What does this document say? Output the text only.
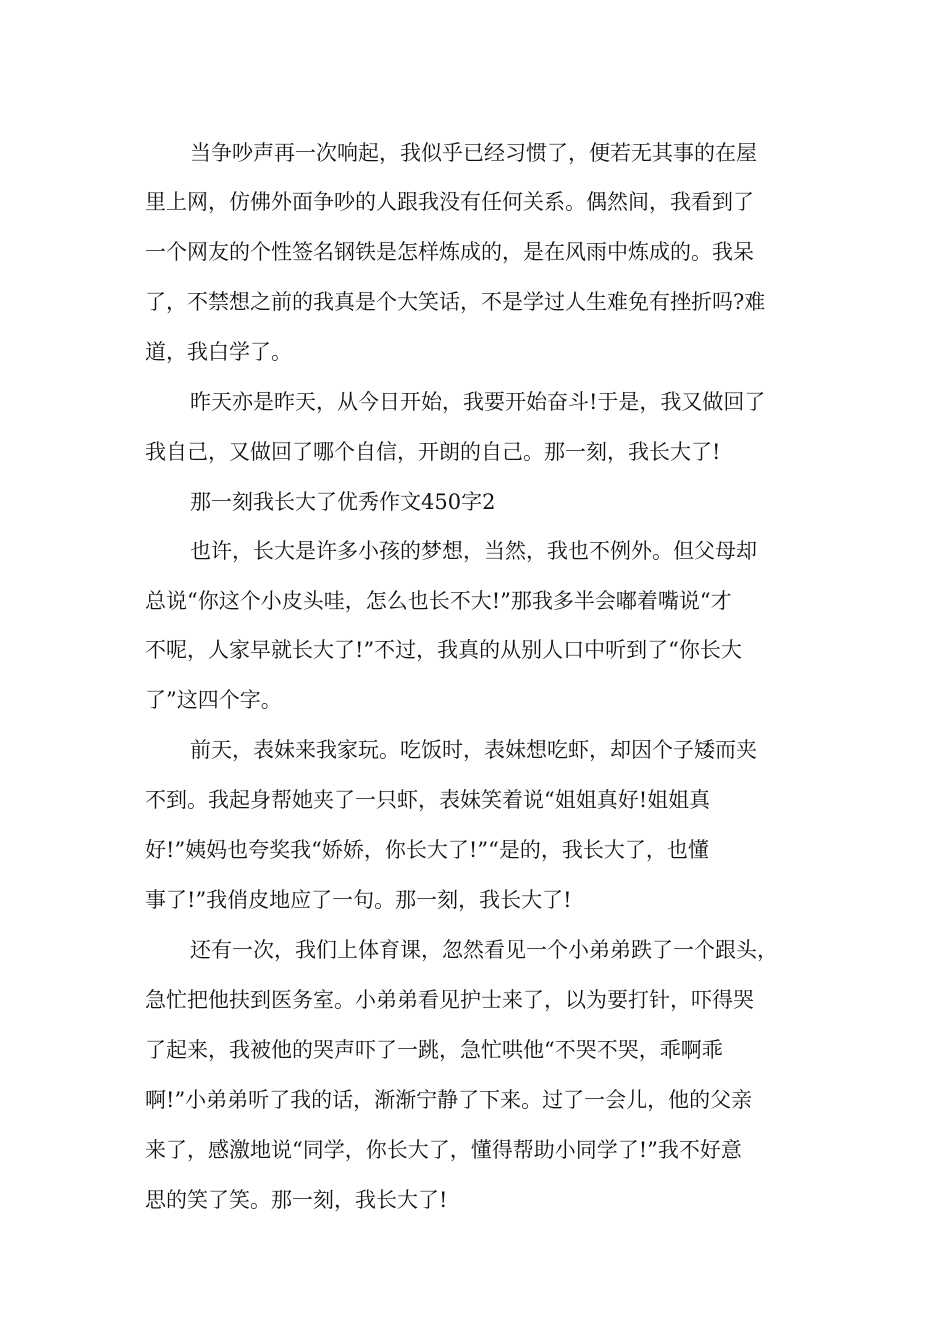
当争吵声再一次响起，我似乎已经习惯了，便若无其事的在屋
里上网，仿佛外面争吵的人跟我没有任何关系。偶然间，我看到了
一个网友的个性签名钢铁是怎样炼成的，是在风雨中炼成的。我呆
了，不禁想之前的我真是个大笑话，不是学过人生难免有挫折吗?难
道，我白学了。
昨天亦是昨天，从今日开始，我要开始奋斗!于是，我又做回了
我自己，又做回了哪个自信，开朗的自己。那一刻，我长大了!
那一刻我长大了优秀作文450字2
也许，长大是许多小孩的梦想，当然，我也不例外。但父母却
总说“你这个小皮头哇，怎么也长不大!”那我多半会嘟着嘴说“才
不呢，人家早就长大了!”不过，我真的从别人口中听到了“你长大
了”这四个字。
前天，表妹来我家玩。吃饭时，表妹想吃虾，却因个子矮而夹
不到。我起身帮她夹了一只虾，表妹笑着说“姐姐真好!姐姐真
好!”姨妈也夸奖我“娇娇，你长大了!”“是的，我长大了，也懂
事了!”我俏皮地应了一句。那一刻，我长大了!
还有一次，我们上体育课，忽然看见一个小弟弟跌了一个跟头，
急忙把他扶到医务室。小弟弟看见护士来了，以为要打针，吓得哭
了起来，我被他的哭声吓了一跳，急忙哄他“不哭不哭，乖啊乖
啊!”小弟弟听了我的话，渐渐宁静了下来。过了一会儿，他的父亲
来了，感激地说“同学，你长大了，懂得帮助小同学了!”我不好意
思的笑了笑。那一刻，我长大了!
